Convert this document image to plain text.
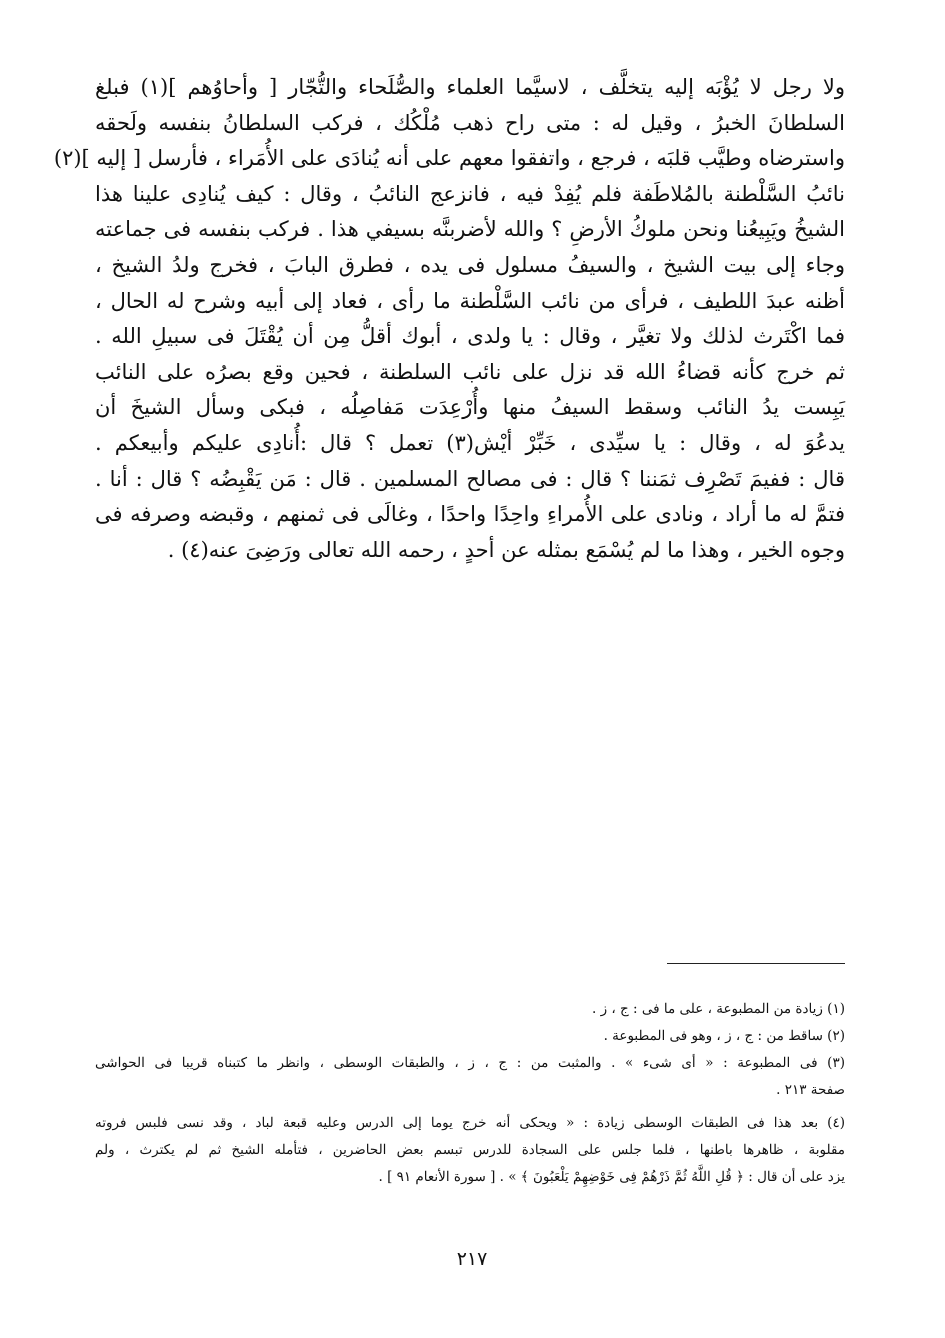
ولا رجل لا يُؤْبَه إليه يتخلَّف ، لاسيَّما العلماء والصُّلَحاء والتُّجّار [ وأحاوُهم ](١) فبلغ
السلطانَ الخبرُ ، وقيل له : متى راح ذهب مُلْكُك ، فركب السلطانُ بنفسه ولَحقه
واسترضاه وطيَّب قلبَه ، فرجع ، واتفقوا معهم على أنه يُنادَى على الأُمَراء ، فأرسل [ إليه ](٢)
نائبُ السَّلْطنة بالمُلاطَفة فلم يُفِدْ فيه ، فانزعج النائبُ ، وقال : كيف يُنادِى علينا هذا
الشيخُ ويَبِيعُنا ونحن ملوكُ الأرضِ ؟ والله لأضربنَّه بسيفي هذا . فركب بنفسه فى جماعته
وجاء إلى بيت الشيخ ، والسيفُ مسلول فى يده ، فطرق البابَ ، فخرج ولدُ الشيخ ،
أظنه عبدَ اللطيف ، فرأى من نائب السَّلْطنة ما رأى ، فعاد إلى أبيه وشرح له الحال ،
فما اكْتَرث لذلك ولا تغيَّر ، وقال : يا ولدى ، أبوك أقلُّ مِن أن يُقْتَلَ فى سبيلِ الله .
ثم خرج كأنه قضاءُ الله قد نزل على نائب السلطنة ، فحين وقع بصرُه على النائب
يَبِست يدُ النائب وسقط السيفُ منها وأُرْعِدَت مَفاصِلُه ، فبكى وسأل الشيخَ أن
يدعُوَ له ، وقال : يا سيِّدى ، خَبِّرْ أيْش(٣) تعمل ؟ قال :أُنادِى عليكم وأبيعكم .
قال : ففيمَ تَصْرِف ثمَننا ؟ قال : فى مصالح المسلمين . قال : مَن يَقْبِضُه ؟ قال : أنا .
فتمَّ له ما أراد ، ونادى على الأُمراءِ واحِدًا واحدًا ، وغالَى فى ثمنهم ، وقبضه وصرفه فى
وجوه الخير ، وهذا ما لم يُسْمَع بمثله عن أحدٍ ، رحمه الله تعالى ورَضِىَ عنه(٤) .
(١) زيادة من المطبوعة ، على ما فى : ج ، ز .
(٢) ساقط من : ج ، ز ، وهو فى المطبوعة .
(٣) فى المطبوعة : « أى شىء » . والمثبت من : ج ، ز ، والطبقات الوسطى ، وانظر ما كتبناه قريبا فى الحواشى
صفحة ٢١٣ .
(٤) بعد هذا فى الطبقات الوسطى زيادة : « ويحكى أنه خرج يوما إلى الدرس وعليه قبعة لباد ، وقد نسى فلبس فروته
مقلوبة ، ظاهرها باطنها ، فلما جلس على السجادة للدرس تبسم بعض الحاضرين ، فتأمله الشيخ ثم لم يكترث ، ولم
يزد على أن قال : ﴿ قُلِ اللَّهُ ثُمَّ ذَرْهُمْ فِى خَوْضِهِمْ يَلْعَبُونَ ﴾ » . [ سورة الأنعام ٩١ ] .
٢١٧
